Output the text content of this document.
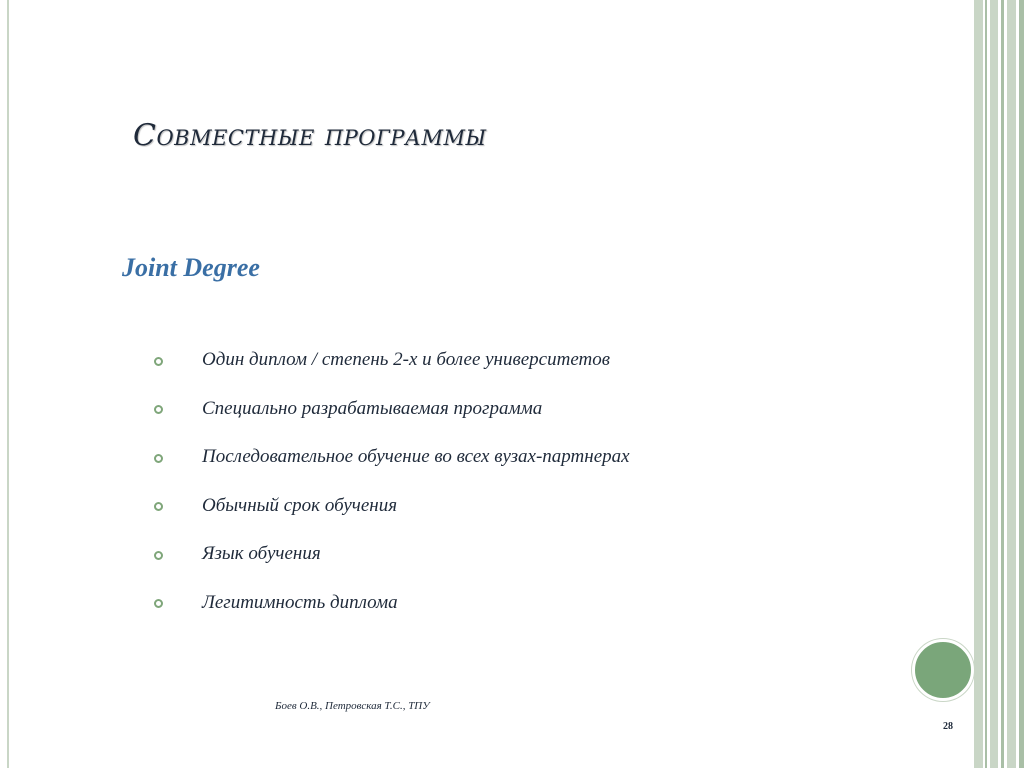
Совместные программы
Joint Degree
Один диплом / степень 2-х и более университетов
Специально разрабатываемая программа
Последовательное обучение во всех вузах-партнерах
Обычный срок обучения
Язык обучения
Легитимность диплома
Боев О.В., Петровская Т.С., ТПУ
28
